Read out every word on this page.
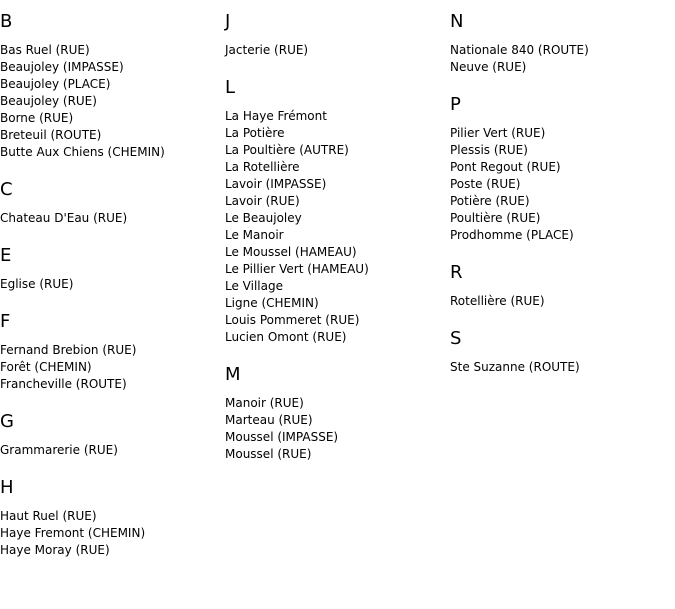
B
Bas Ruel (RUE)
Beaujoley (IMPASSE)
Beaujoley (PLACE)
Beaujoley (RUE)
Borne (RUE)
Breteuil (ROUTE)
Butte Aux Chiens (CHEMIN)
C
Chateau D'Eau (RUE)
E
Eglise (RUE)
F
Fernand Brebion (RUE)
Forêt (CHEMIN)
Francheville (ROUTE)
G
Grammarerie (RUE)
H
Haut Ruel (RUE)
Haye Fremont (CHEMIN)
Haye Moray (RUE)
J
Jacterie (RUE)
L
La Haye Frémont
La Potière
La Poultière (AUTRE)
La Rotellière
Lavoir (IMPASSE)
Lavoir (RUE)
Le Beaujoley
Le Manoir
Le Moussel (HAMEAU)
Le Pillier Vert (HAMEAU)
Le Village
Ligne (CHEMIN)
Louis Pommeret (RUE)
Lucien Omont (RUE)
M
Manoir (RUE)
Marteau (RUE)
Moussel (IMPASSE)
Moussel (RUE)
N
Nationale 840 (ROUTE)
Neuve (RUE)
P
Pilier Vert (RUE)
Plessis (RUE)
Pont Regout (RUE)
Poste (RUE)
Potière (RUE)
Poultière (RUE)
Prodhomme (PLACE)
R
Rotellière (RUE)
S
Ste Suzanne (ROUTE)
